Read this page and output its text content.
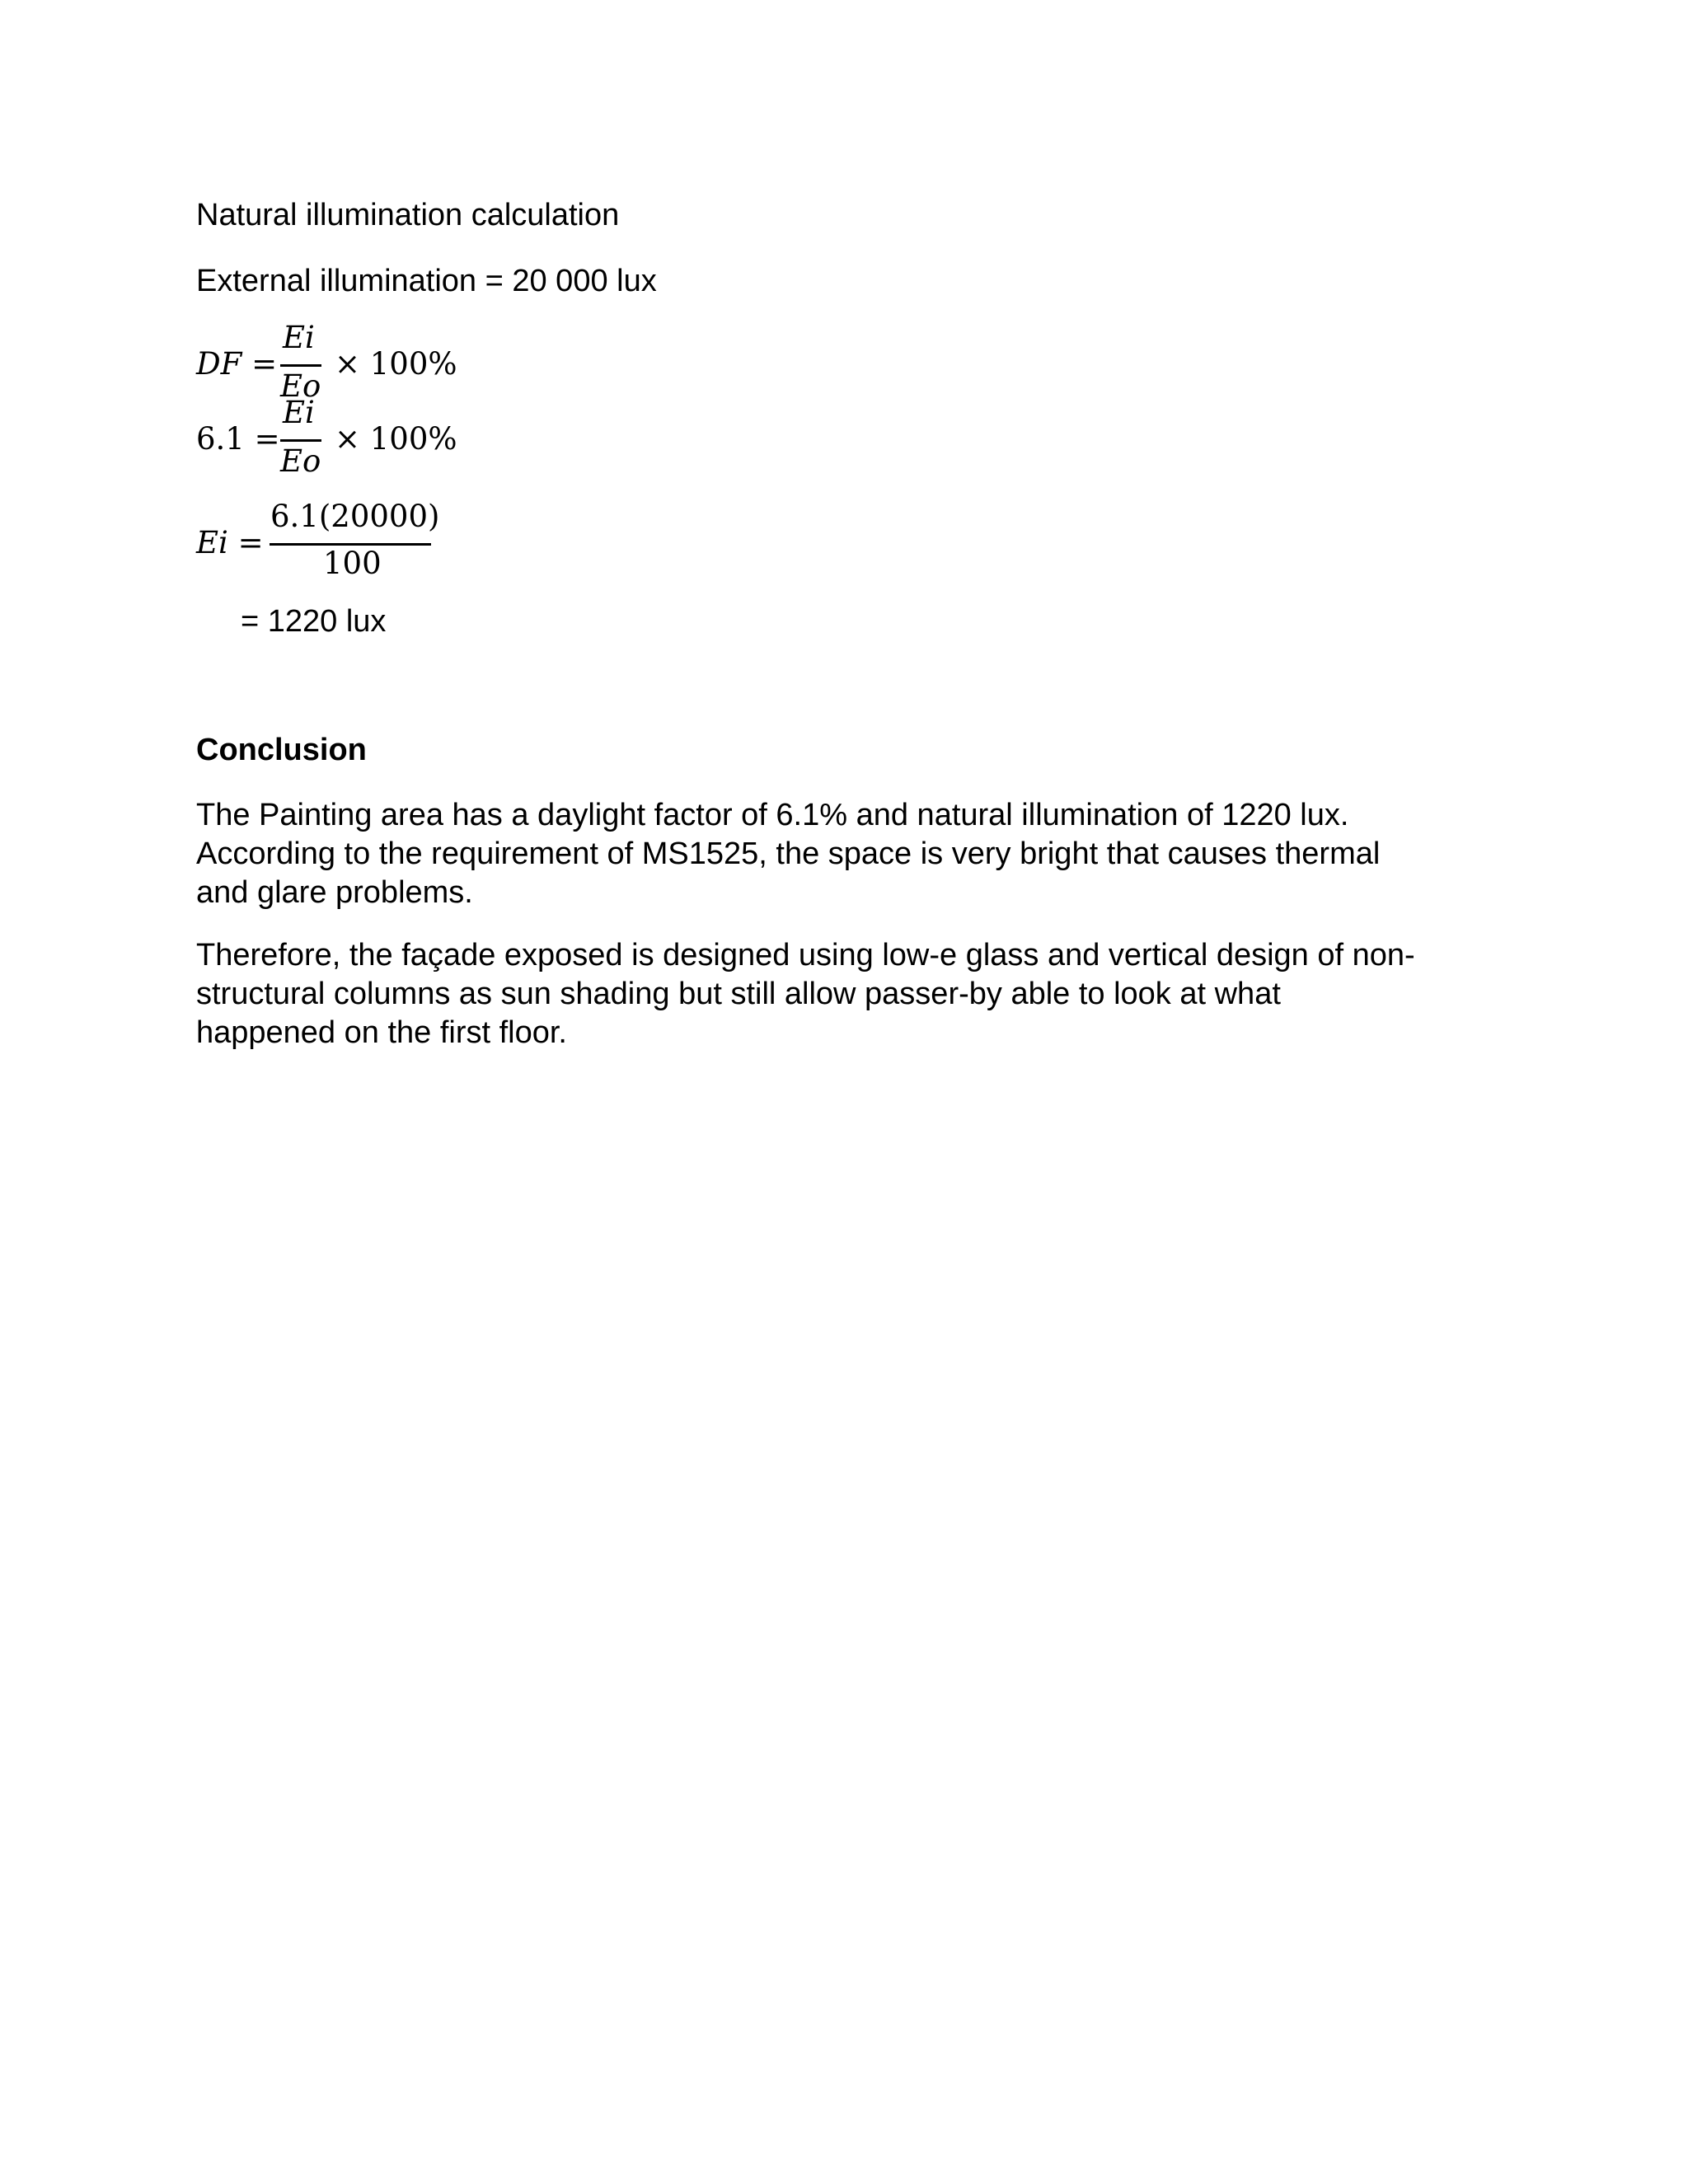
Natural illumination calculation
External illumination = 20 000 lux
DF =
Ei
Eo
× 100%
6.1 =
Ei
Eo
× 100%
Ei =
6.1(20000)
100
= 1220 lux
Conclusion
The Painting area has a daylight factor of 6.1% and natural illumination of 1220 lux.
According to the requirement of MS1525, the space is very bright that causes thermal
and glare problems.
Therefore, the façade exposed is designed using low-e glass and vertical design of non-
structural columns as sun shading but still allow passer-by able to look at what
happened on the first floor.
